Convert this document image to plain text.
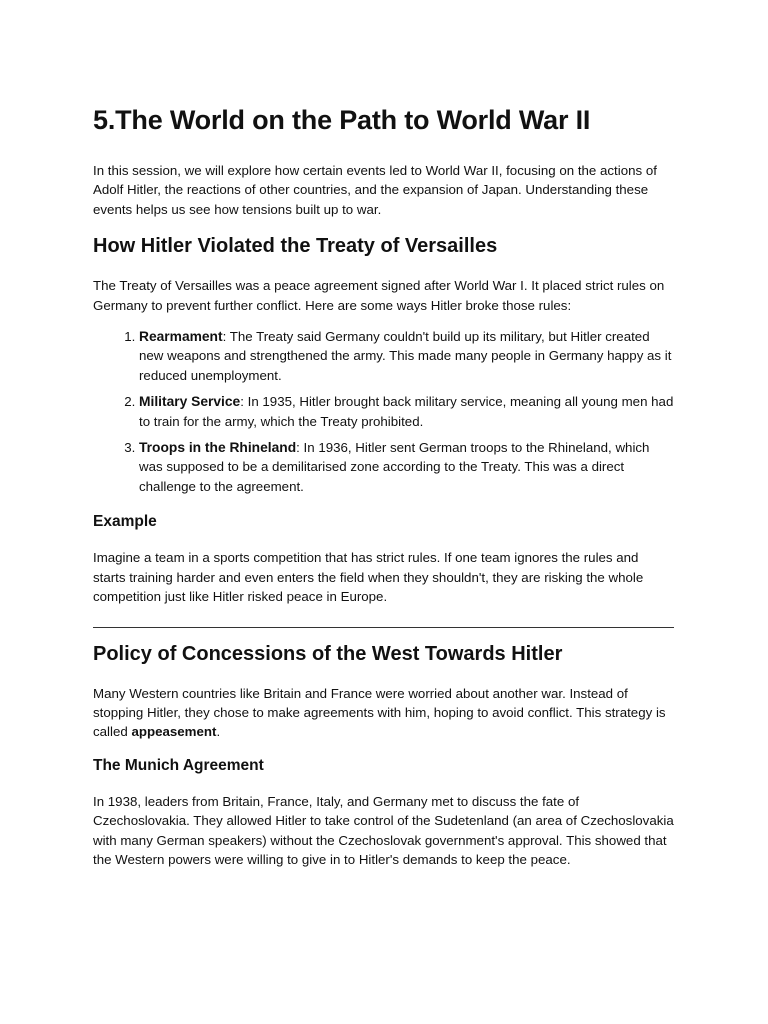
5.The World on the Path to World War II

In this session, we will explore how certain events led to World War II, focusing on the actions of Adolf Hitler, the reactions of other countries, and the expansion of Japan. Understanding these events helps us see how tensions built up to war.

How Hitler Violated the Treaty of Versailles

The Treaty of Versailles was a peace agreement signed after World War I. It placed strict rules on Germany to prevent further conflict. Here are some ways Hitler broke those rules:

1. Rearmament: The Treaty said Germany couldn't build up its military, but Hitler created new weapons and strengthened the army. This made many people in Germany happy as it reduced unemployment.
2. Military Service: In 1935, Hitler brought back military service, meaning all young men had to train for the army, which the Treaty prohibited.
3. Troops in the Rhineland: In 1936, Hitler sent German troops to the Rhineland, which was supposed to be a demilitarised zone according to the Treaty. This was a direct challenge to the agreement.
Example

Imagine a team in a sports competition that has strict rules. If one team ignores the rules and starts training harder and even enters the field when they shouldn't, they are risking the whole competition just like Hitler risked peace in Europe.

Policy of Concessions of the West Towards Hitler

Many Western countries like Britain and France were worried about another war. Instead of stopping Hitler, they chose to make agreements with him, hoping to avoid conflict. This strategy is called appeasement.

The Munich Agreement

In 1938, leaders from Britain, France, Italy, and Germany met to discuss the fate of Czechoslovakia. They allowed Hitler to take control of the Sudetenland (an area of Czechoslovakia with many German speakers) without the Czechoslovak government's approval. This showed that the Western powers were willing to give in to Hitler's demands to keep the peace.
